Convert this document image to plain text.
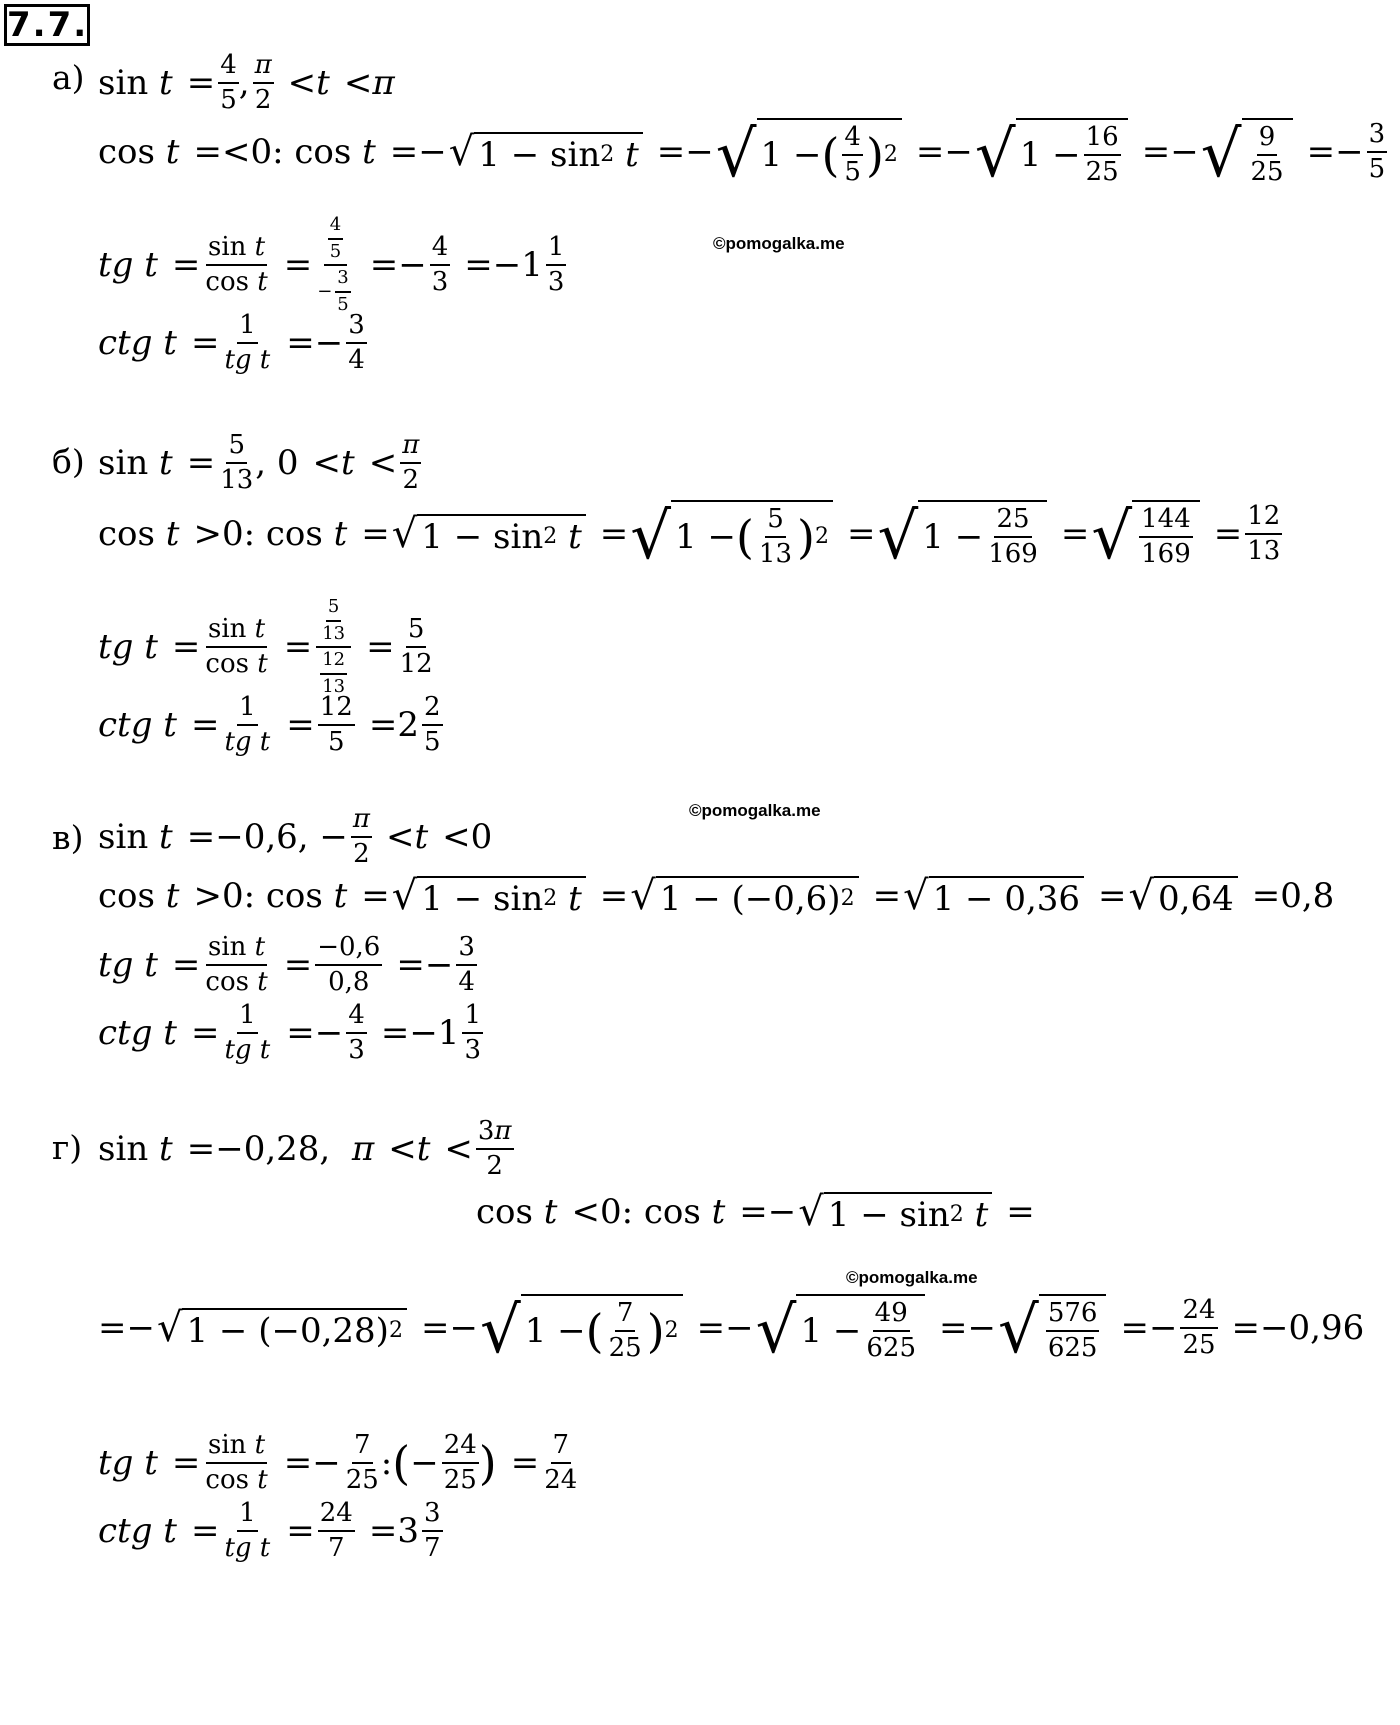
7.7.
а) $\sin t = \frac{4}{5}$ , $\frac{\pi}{2} < t < \pi$
cos t =< 0: cos t = − √ 1 − sin 2
t = − √ 1 − ( $\frac{4}{5}$ ) 2 = − √ $1 - \frac{16}{25}$ = − √ $\frac{9}{25}$ = − $\frac{3}{5}$
tg $t = \frac{\text{sin t}}{\text{cos t}} = \frac{\frac{4}{5}}{- \frac{3}{5}}$ = − $\frac{4}{3} = -1 \frac{1}{3}$	©pomogalka.me
ctg $t = \frac{1}{\text{tg t}}$ = − $\frac{3}{4}$
б) $\sin t = \frac{5}{13}$ , $0 < t < \frac{\pi}{2}$
cos t > 0: cos t = √ 1 − sin 2
t = √ 1 − ( $\frac{5}{13}$ ) 2 = √ $1 - \frac{25}{169}$ = √ $\frac{144}{169} = \frac{12}{13}$
tg $t = \frac{\text{sin t}}{\text{cos t}} = \frac{\frac{5}{13}}{\frac{12}{13}} = \frac{5}{12}$
ctg $t = \frac{1}{\text{tg t}} = \frac{12}{5} = 2 \frac{2}{5}$
©pomogalka.me
в) sin t = −0,6, − $\frac{\pi}{2} < t < 0$
cos t > 0: cos t = √ 1 − sin 2
t = √ 1 − (−0,6) 2 = √ 1 − 0,36 = √ 0,64 = 0,8
tg $t = \frac{\text{sin t}}{\text{cos t}} = \frac{-0,6}{0,8}$ = − $\frac{3}{4}$
ctg $t = \frac{1}{\text{tg t}}$ = − $\frac{4}{3} = -1 \frac{1}{3}$
г) sin t = −0,28, $\pi < t < \frac{3\pi}{2}$
cos t < 0: cos t = − √ 1 − sin 2
t =
©pomogalka.me
=− √ 1 − (−0,28) 2 = − √ 1 − ( $\frac{7}{25}$ ) 2 = − √ $1 - \frac{49}{625}$ = − √ $\frac{576}{625}$ = − $\frac{24}{25} = -0,96$
tg $t = \frac{\text{sin t}}{\text{cos t}}$ = − $\frac{7}{25}$ : ( − $\frac{24}{25}$ ) = $\frac{7}{24}$
ctg $t = \frac{1}{\text{tg t}} = \frac{24}{7} = 3 \frac{3}{7}$
